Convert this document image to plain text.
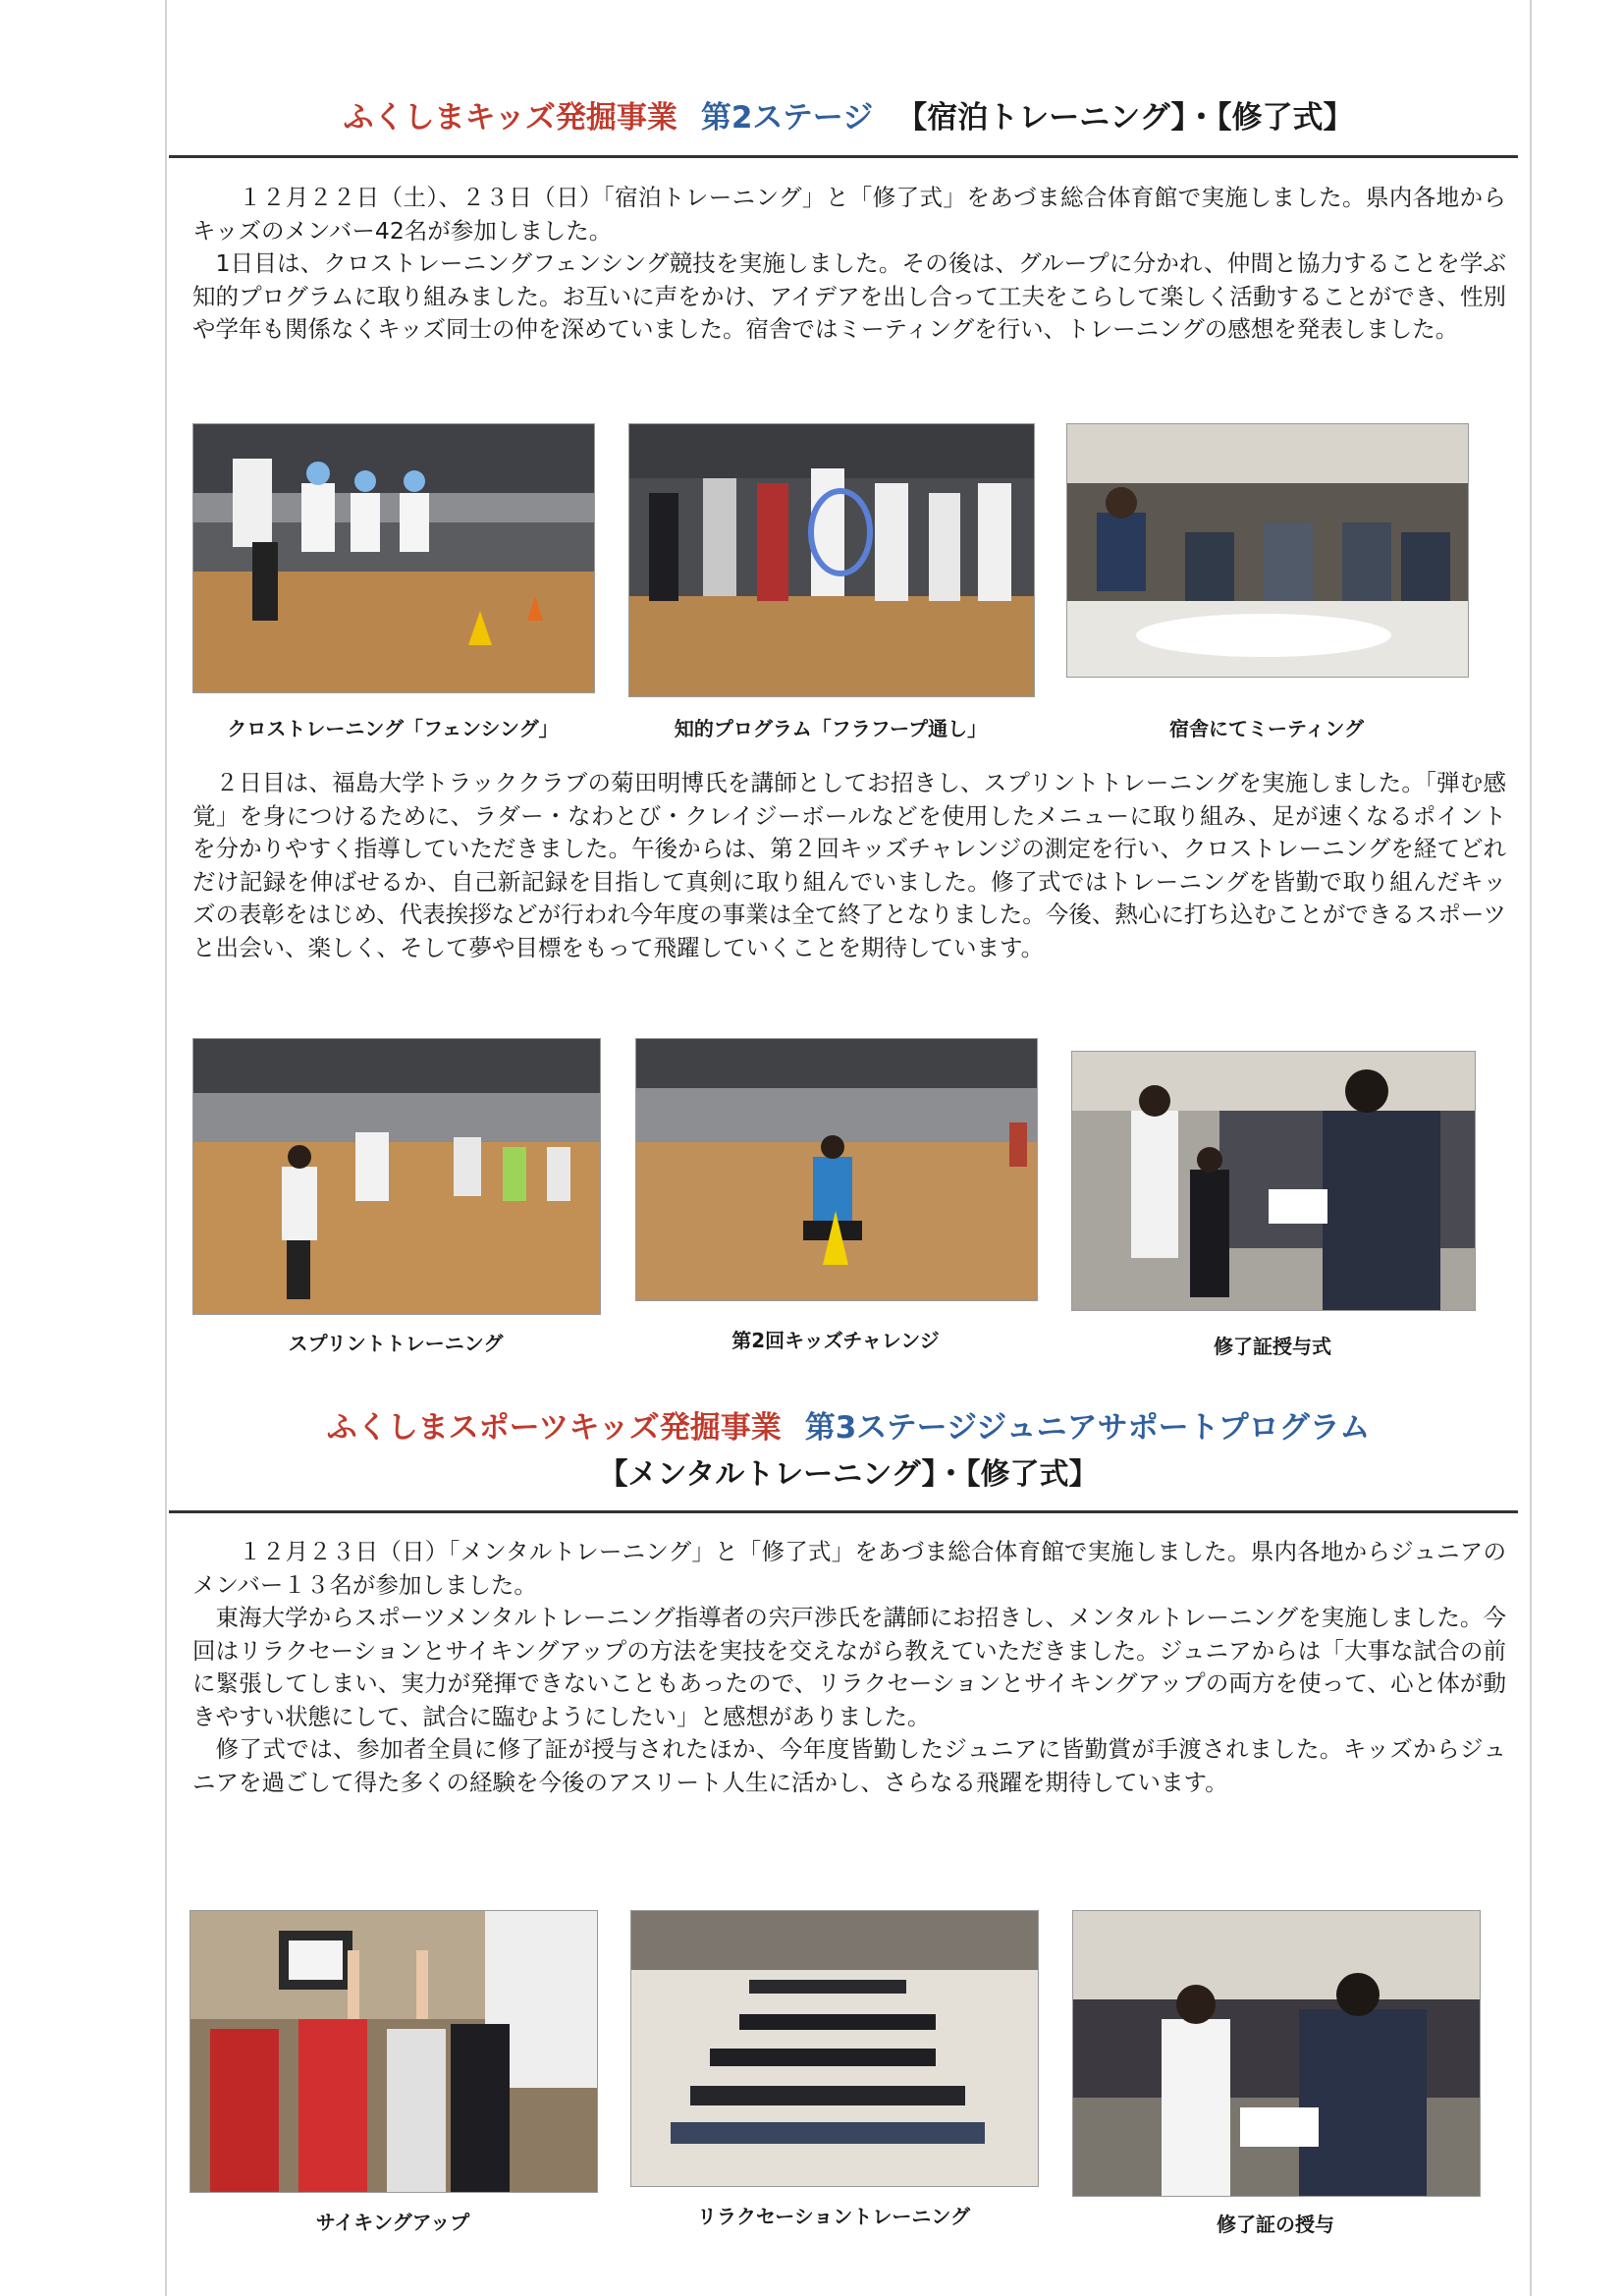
ふくしまキッズ発掘事業 第2ステージ 【宿泊トレーニング】・【修了式】

１２月２２日（土）、２３日（日）「宿泊トレーニング」と「修了式」をあづま総合体育館で実施しました。県内各地からキッズのメンバー42名が参加しました。

1日目は、クロストレーニングフェンシング競技を実施しました。その後は、グループに分かれ、仲間と協力することを学ぶ知的プログラムに取り組みました。お互いに声をかけ、アイデアを出し合って工夫をこらして楽しく活動することができ、性別や学年も関係なくキッズ同士の仲を深めていました。宿舎ではミーティングを行い、トレーニングの感想を発表しました。

クロストレーニング「フェンシング」	知的プログラム「フラフープ通し」	宿舎にてミーティング

２日目は、福島大学トラッククラブの菊田明博氏を講師としてお招きし、スプリントトレーニングを実施しました。「弾む感覚」を身につけるために、ラダー・なわとび・クレイジーボールなどを使用したメニューに取り組み、足が速くなるポイントを分かりやすく指導していただきました。午後からは、第２回キッズチャレンジの測定を行い、クロストレーニングを経てどれだけ記録を伸ばせるか、自己新記録を目指して真剣に取り組んでいました。修了式ではトレーニングを皆勤で取り組んだキッズの表彰をはじめ、代表挨拶などが行われ今年度の事業は全て終了となりました。今後、熱心に打ち込むことができるスポーツと出会い、楽しく、そして夢や目標をもって飛躍していくことを期待しています。

スプリントトレーニング	第2回キッズチャレンジ	修了証授与式
ふくしまスポーツキッズ発掘事業 第3ステージジュニアサポートプログラム
【メンタルトレーニング】・【修了式】

１２月２３日（日）「メンタルトレーニング」と「修了式」をあづま総合体育館で実施しました。県内各地からジュニアのメンバー１３名が参加しました。

東海大学からスポーツメンタルトレーニング指導者の宍戸渉氏を講師にお招きし、メンタルトレーニングを実施しました。今回はリラクセーションとサイキングアップの方法を実技を交えながら教えていただきました。ジュニアからは「大事な試合の前に緊張してしまい、実力が発揮できないこともあったので、リラクセーションとサイキングアップの両方を使って、心と体が動きやすい状態にして、試合に臨むようにしたい」と感想がありました。

修了式では、参加者全員に修了証が授与されたほか、今年度皆勤したジュニアに皆勤賞が手渡されました。キッズからジュニアを過ごして得た多くの経験を今後のアスリート人生に活かし、さらなる飛躍を期待しています。

サイキングアップ	リラクセーショントレーニング	修了証の授与
